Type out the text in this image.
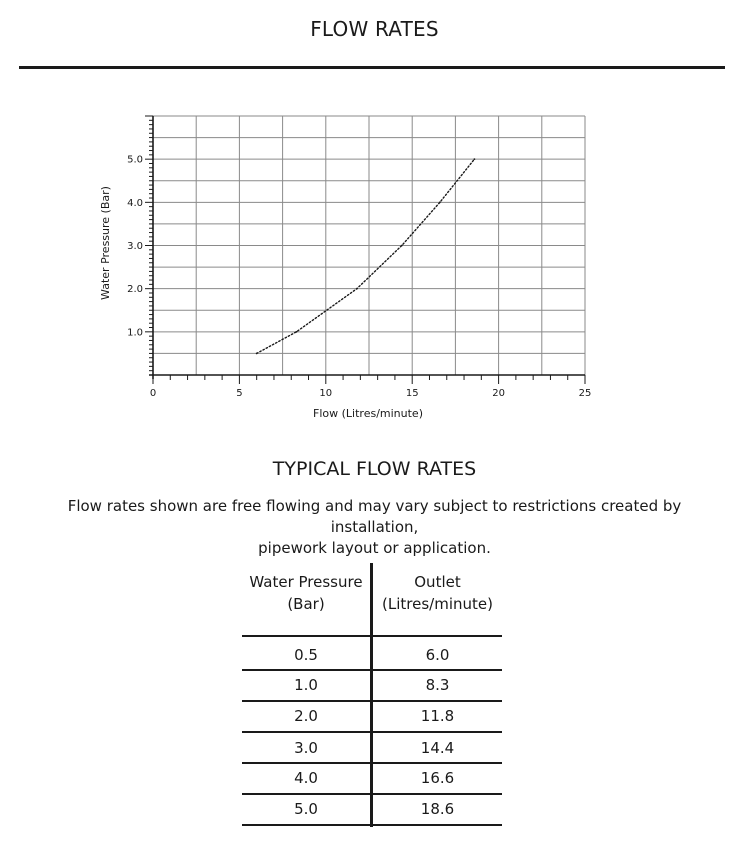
FLOW RATES
0	5	10	15	20	25
1.0
2.0
3.0
4.0
5.0
Flow (Litres/minute)
Water Pressure (Bar)
TYPICAL FLOW RATES
Flow rates shown are free flowing and may vary subject to restrictions created by installation,
pipework layout or application.
Water Pressure
(Bar)
Outlet
(Litres/minute)
0.5	6.0
1.0	8.3
2.0	11.8
3.0	14.4
4.0	16.6
5.0	18.6
